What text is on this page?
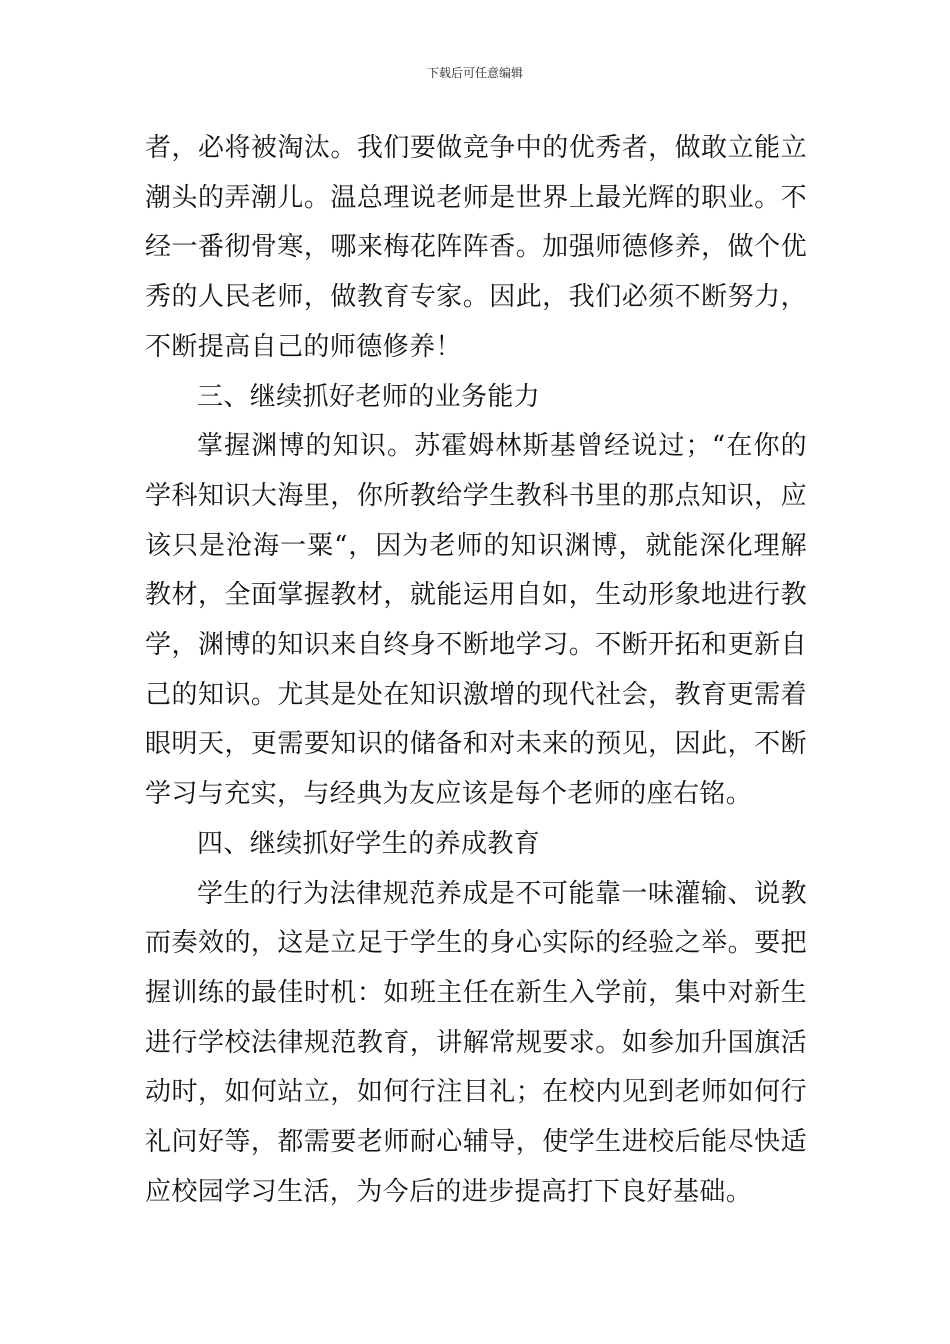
下载后可任意编辑

者，必将被淘汰。我们要做竞争中的优秀者，做敢立能立潮头的弄潮儿。温总理说老师是世界上最光辉的职业。不经一番彻骨寒，哪来梅花阵阵香。加强师德修养，做个优秀的人民老师，做教育专家。因此，我们必须不断努力，不断提高自己的师德修养！

三、继续抓好老师的业务能力

掌握渊博的知识。苏霍姆林斯基曾经说过；“在你的学科知识大海里，你所教给学生教科书里的那点知识，应该只是沧海一粟“，因为老师的知识渊博，就能深化理解教材，全面掌握教材，就能运用自如，生动形象地进行教学，渊博的知识来自终身不断地学习。不断开拓和更新自己的知识。尤其是处在知识激增的现代社会，教育更需着眼明天，更需要知识的储备和对未来的预见，因此，不断学习与充实，与经典为友应该是每个老师的座右铭。

四、继续抓好学生的养成教育

学生的行为法律规范养成是不可能靠一味灌输、说教而奏效的，这是立足于学生的身心实际的经验之举。要把握训练的最佳时机：如班主任在新生入学前，集中对新生进行学校法律规范教育，讲解常规要求。如参加升国旗活动时，如何站立，如何行注目礼；在校内见到老师如何行礼问好等，都需要老师耐心辅导，使学生进校后能尽快适应校园学习生活，为今后的进步提高打下良好基础。
